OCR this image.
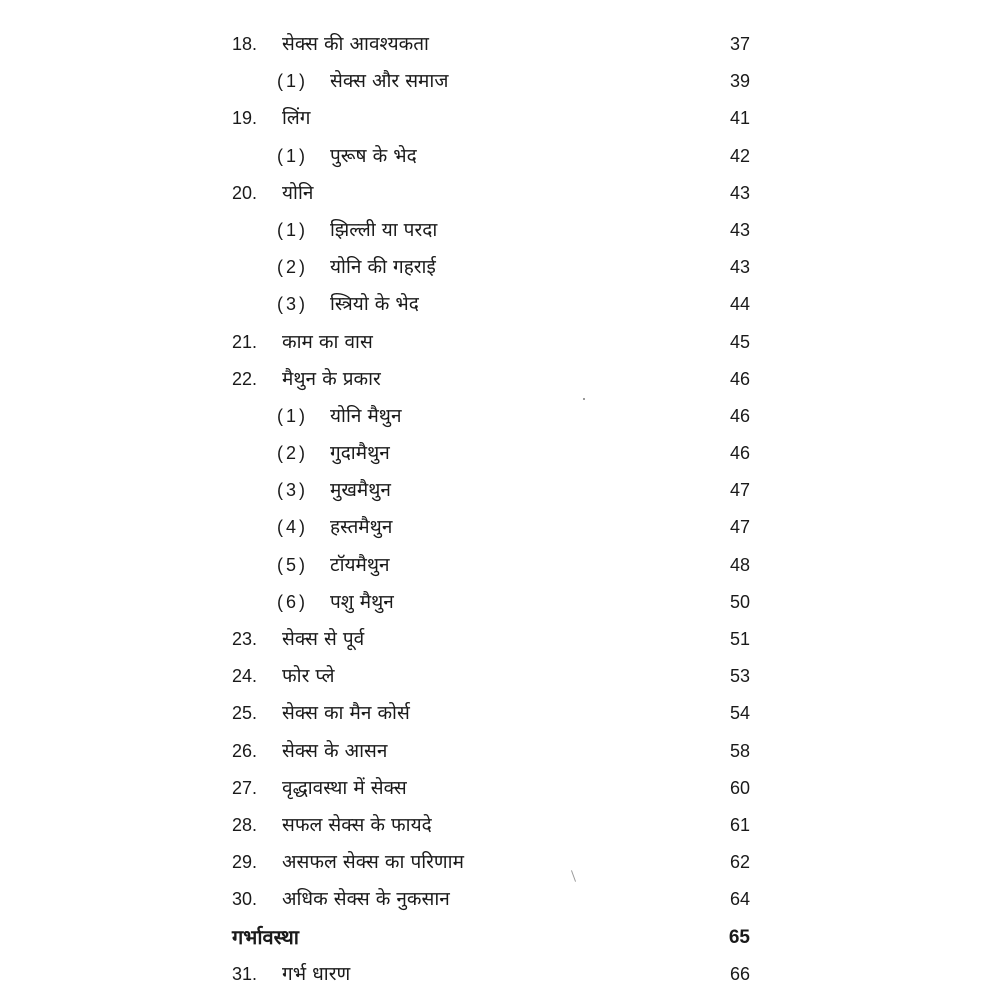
18.	सेक्स की आवश्यकता	37
(1)	सेक्स और समाज	39
19.	लिंग	41
(1)	पुरूष के भेद	42
20.	योनि	43
(1)	झिल्ली या परदा	43
(2)	योनि की गहराई	43
(3)	स्त्रियो के भेद	44
21.	काम का वास	45
22.	मैथुन के प्रकार	46
(1)	योनि मैथुन	46
(2)	गुदामैथुन	46
(3)	मुखमैथुन	47
(4)	हस्तमैथुन	47
(5)	टॉयमैथुन	48
(6)	पशु मैथुन	50
23.	सेक्स से पूर्व	51
24.	फोर प्ले	53
25.	सेक्स का मैन कोर्स	54
26.	सेक्स के आसन	58
27.	वृद्धावस्था में सेक्स	60
28.	सफल सेक्स के फायदे	61
29.	असफल सेक्स का परिणाम	62
30.	अधिक सेक्स के नुकसान	64
गर्भावस्था	65
31.	गर्भ धारण	66
